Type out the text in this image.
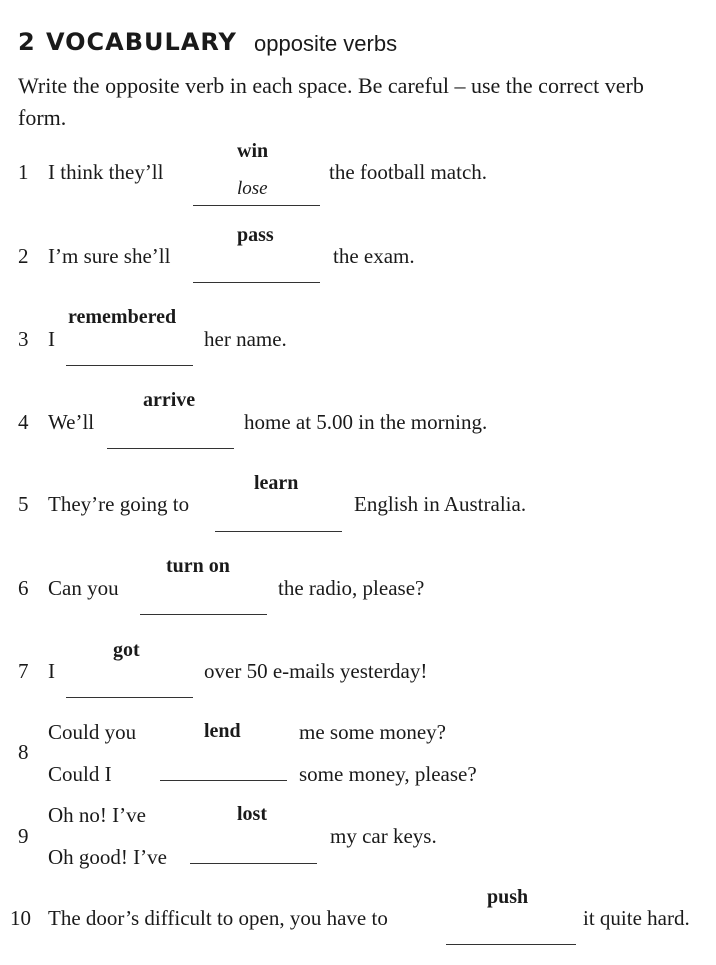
2 VOCABULARY opposite verbs
Write the opposite verb in each space. Be careful – use the correct verb form.
1 I think they’ll
win
lose
the football match.
2 I’m sure she’ll
pass
the exam.
3 I
remembered
her name.
4 We’ll
arrive
home at 5.00 in the morning.
5 They’re going to
learn
English in Australia.
6 Can you
turn on
the radio, please?
7 I
got
over 50 e-mails yesterday!
8
Could you	lend	me some money?
Could I	some money, please?
9
Oh no! I’ve	lost
Oh good! I’ve
my car keys.
10 The door’s difficult to open, you have to
push
it quite hard.
